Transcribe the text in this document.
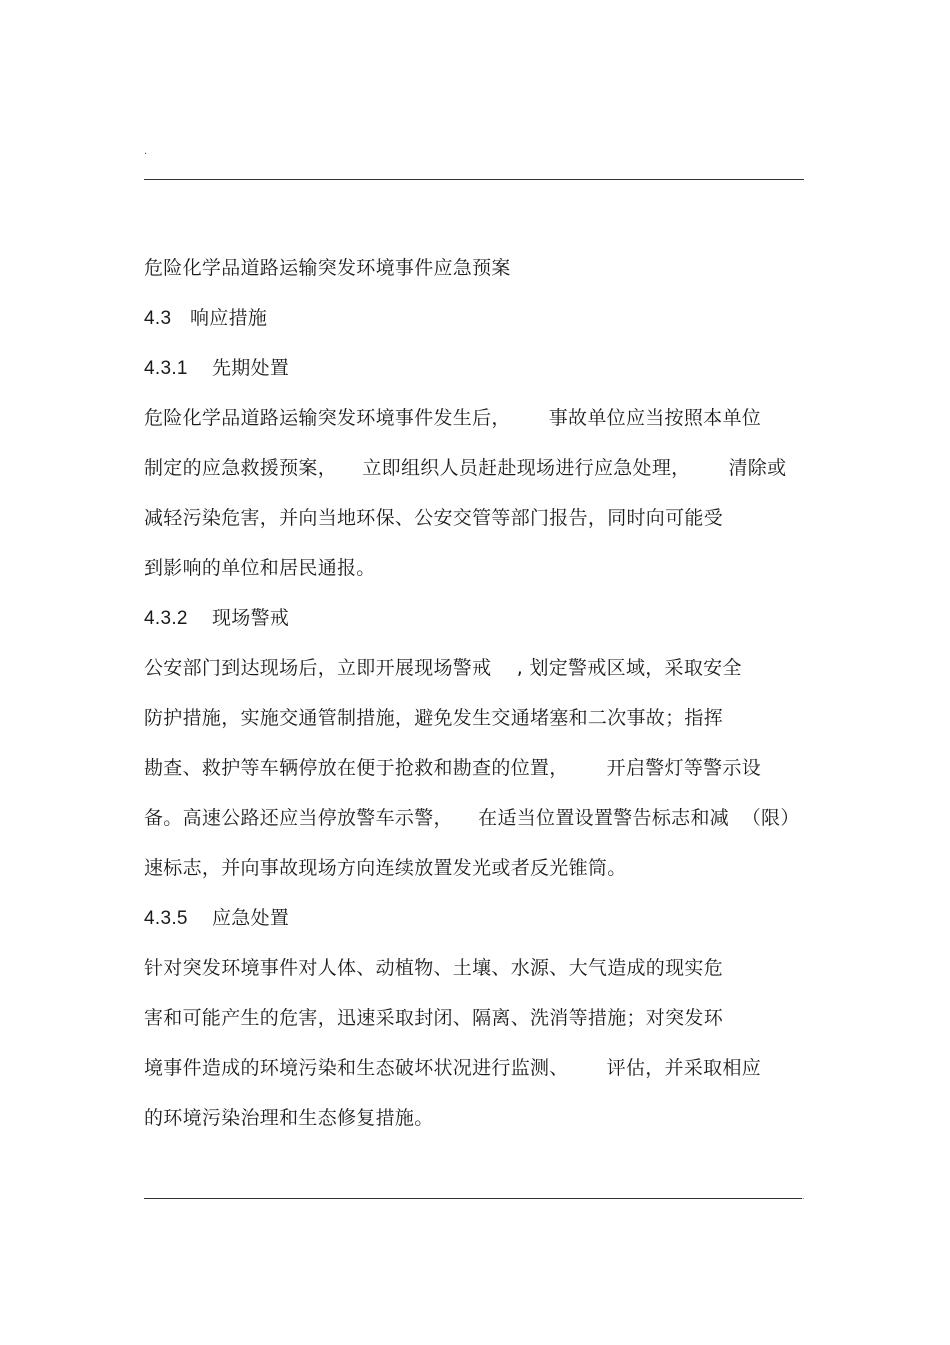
.
危险化学品道路运输突发环境事件应急预案
4.3 响应措施
4.3.1 先期处置
危险化学品道路运输突发环境事件发生后，      事故单位应当按照本单位
制定的应急救援预案，    立即组织人员赶赴现场进行应急处理，      清除或
减轻污染危害，并向当地环保、公安交管等部门报告，同时向可能受
到影响的单位和居民通报。
4.3.2 现场警戒
公安部门到达现场后，立即开展现场警戒    , 划定警戒区域，采取安全
防护措施，实施交通管制措施，避免发生交通堵塞和二次事故；指挥
勘查、救护等车辆停放在便于抢救和勘查的位置，      开启警灯等警示设
备。高速公路还应当停放警车示警，    在适当位置设置警告标志和减  （限）
速标志，并向事故现场方向连续放置发光或者反光锥筒。
4.3.5 应急处置
针对突发环境事件对人体、动植物、土壤、水源、大气造成的现实危
害和可能产生的危害，迅速采取封闭、隔离、洗消等措施；对突发环
境事件造成的环境污染和生态破坏状况进行监测、      评估，并采取相应
的环境污染治理和生态修复措施。
.
